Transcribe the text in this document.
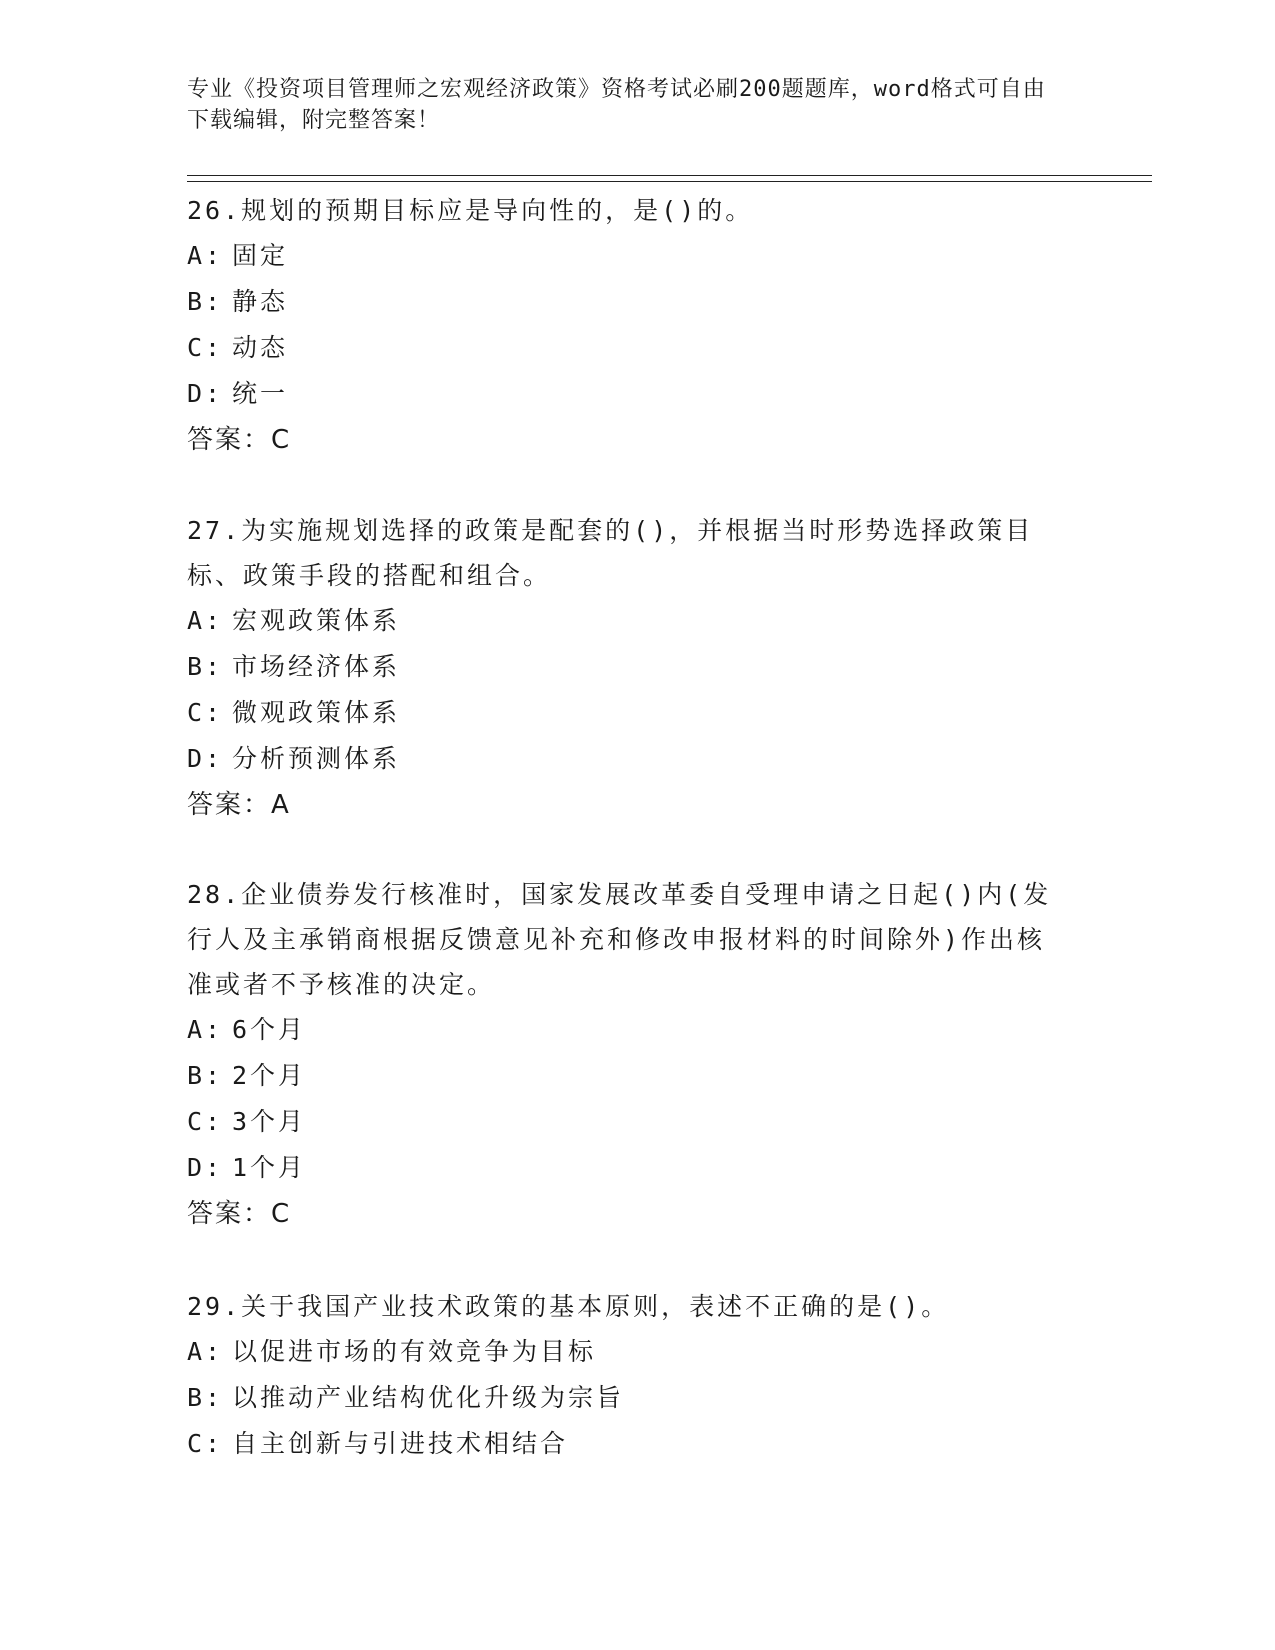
专业《投资项目管理师之宏观经济政策》资格考试必刷200题题库，word格式可自由下载编辑，附完整答案！

26.规划的预期目标应是导向性的，是()的。

A: 固定

B: 静态

C: 动态

D: 统一

答案：C

27.为实施规划选择的政策是配套的()，并根据当时形势选择政策目标、政策手段的搭配和组合。

A: 宏观政策体系

B: 市场经济体系

C: 微观政策体系

D: 分析预测体系

答案：A

28.企业债券发行核准时，国家发展改革委自受理申请之日起()内(发行人及主承销商根据反馈意见补充和修改申报材料的时间除外)作出核准或者不予核准的决定。

A: 6个月

B: 2个月

C: 3个月

D: 1个月

答案：C

29.关于我国产业技术政策的基本原则，表述不正确的是()。

A: 以促进市场的有效竞争为目标

B: 以推动产业结构优化升级为宗旨

C: 自主创新与引进技术相结合
